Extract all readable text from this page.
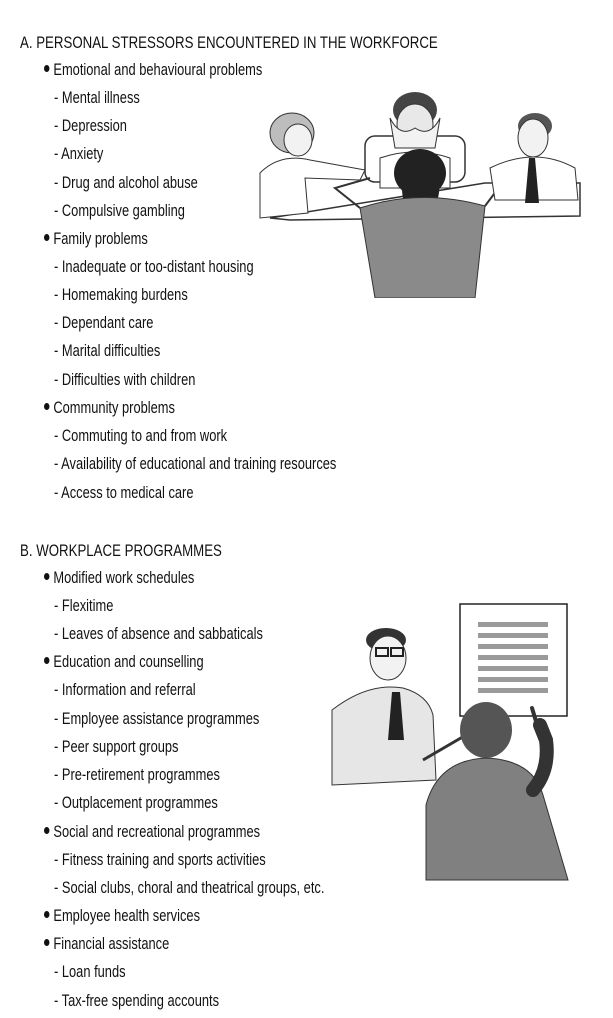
A. PERSONAL STRESSORS ENCOUNTERED IN THE WORKFORCE
Emotional and behavioural problems
- Mental illness
- Depression
- Anxiety
- Drug and alcohol abuse
- Compulsive gambling
Family problems
- Inadequate or too-distant housing
- Homemaking burdens
- Dependant care
- Marital difficulties
- Difficulties with children
Community problems
- Commuting to and from work
- Availability of educational and training resources
- Access to medical care
B. WORKPLACE PROGRAMMES
Modified work schedules
- Flexitime
- Leaves of absence and sabbaticals
Education and counselling
- Information and referral
- Employee assistance programmes
- Peer support groups
- Pre-retirement programmes
- Outplacement programmes
Social and recreational programmes
- Fitness training and sports activities
- Social clubs, choral and theatrical groups, etc.
Employee health services
Financial assistance
- Loan funds
- Tax-free spending accounts
